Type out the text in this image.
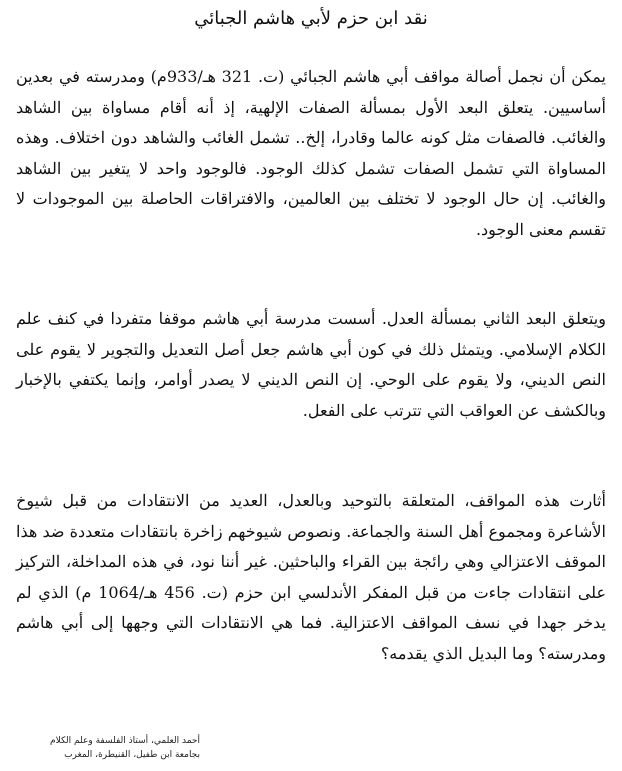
نقد ابن حزم لأبي هاشم الجبائي

يمكن أن نجمل أصالة مواقف أبي هاشم الجبائي (ت. 321 هـ/933م) ومدرسته في بعدين أساسيين. يتعلق البعد الأول بمسألة الصفات الإلهية، إذ أنه أقام مساواة بين الشاهد والغائب. فالصفات مثل كونه عالما وقادرا، إلخ.. تشمل الغائب والشاهد دون اختلاف. وهذه المساواة التي تشمل الصفات تشمل كذلك الوجود. فالوجود واحد لا يتغير بين الشاهد والغائب. إن حال الوجود لا تختلف بين العالمين، والافتراقات الحاصلة بين الموجودات لا تقسم معنى الوجود.

ويتعلق البعد الثاني بمسألة العدل. أسست مدرسة أبي هاشم موقفا متفردا في كنف علم الكلام الإسلامي. ويتمثل ذلك في كون أبي هاشم جعل أصل التعديل والتجوير لا يقوم على النص الديني، ولا يقوم على الوحي. إن النص الديني لا يصدر أوامر، وإنما يكتفي بالإخبار وبالكشف عن العواقب التي تترتب على الفعل.

أثارت هذه المواقف، المتعلقة بالتوحيد وبالعدل، العديد من الانتقادات من قبل شيوخ الأشاعرة ومجموع أهل السنة والجماعة. ونصوص شيوخهم زاخرة بانتقادات متعددة ضد هذا الموقف الاعتزالي وهي رائجة بين القراء والباحثين. غير أننا نود، في هذه المداخلة، التركيز على انتقادات جاءت من قبل المفكر الأندلسي ابن حزم (ت. 456 هـ/1064 م) الذي لم يدخر جهدا في نسف المواقف الاعتزالية. فما هي الانتقادات التي وجهها إلى أبي هاشم ومدرسته؟ وما البديل الذي يقدمه؟

أحمد العلمي، أستاذ الفلسفة وعلم الكلام
بجامعة ابن طفيل، القنيطرة، المغرب
